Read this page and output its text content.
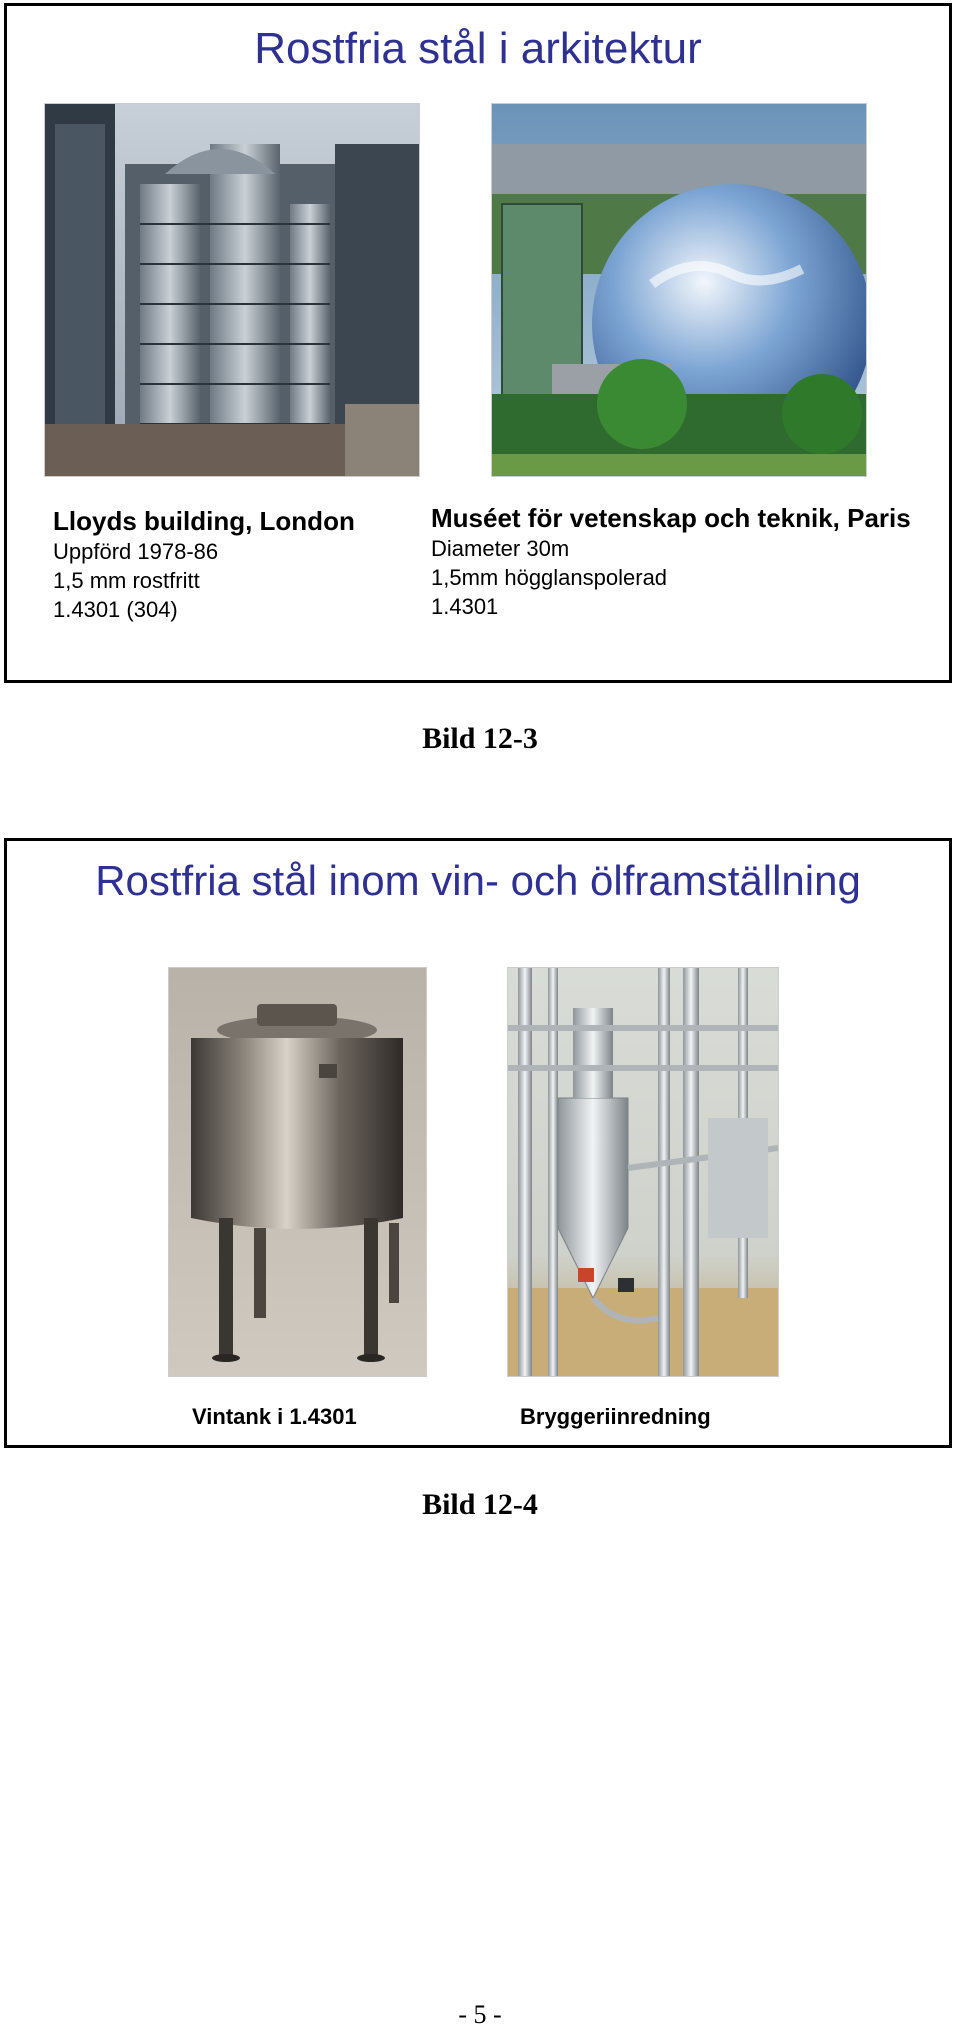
Rostfria stål i arkitektur
Lloyds building, London
Uppförd 1978-86
1,5 mm rostfritt
1.4301 (304)
Muséet för vetenskap och teknik, Paris
Diameter 30m
1,5mm högglanspolerad
1.4301
Bild 12-3
Rostfria stål inom vin- och ölframställning
Vintank i 1.4301	Bryggeriinredning
Bild 12-4
- 5 -
